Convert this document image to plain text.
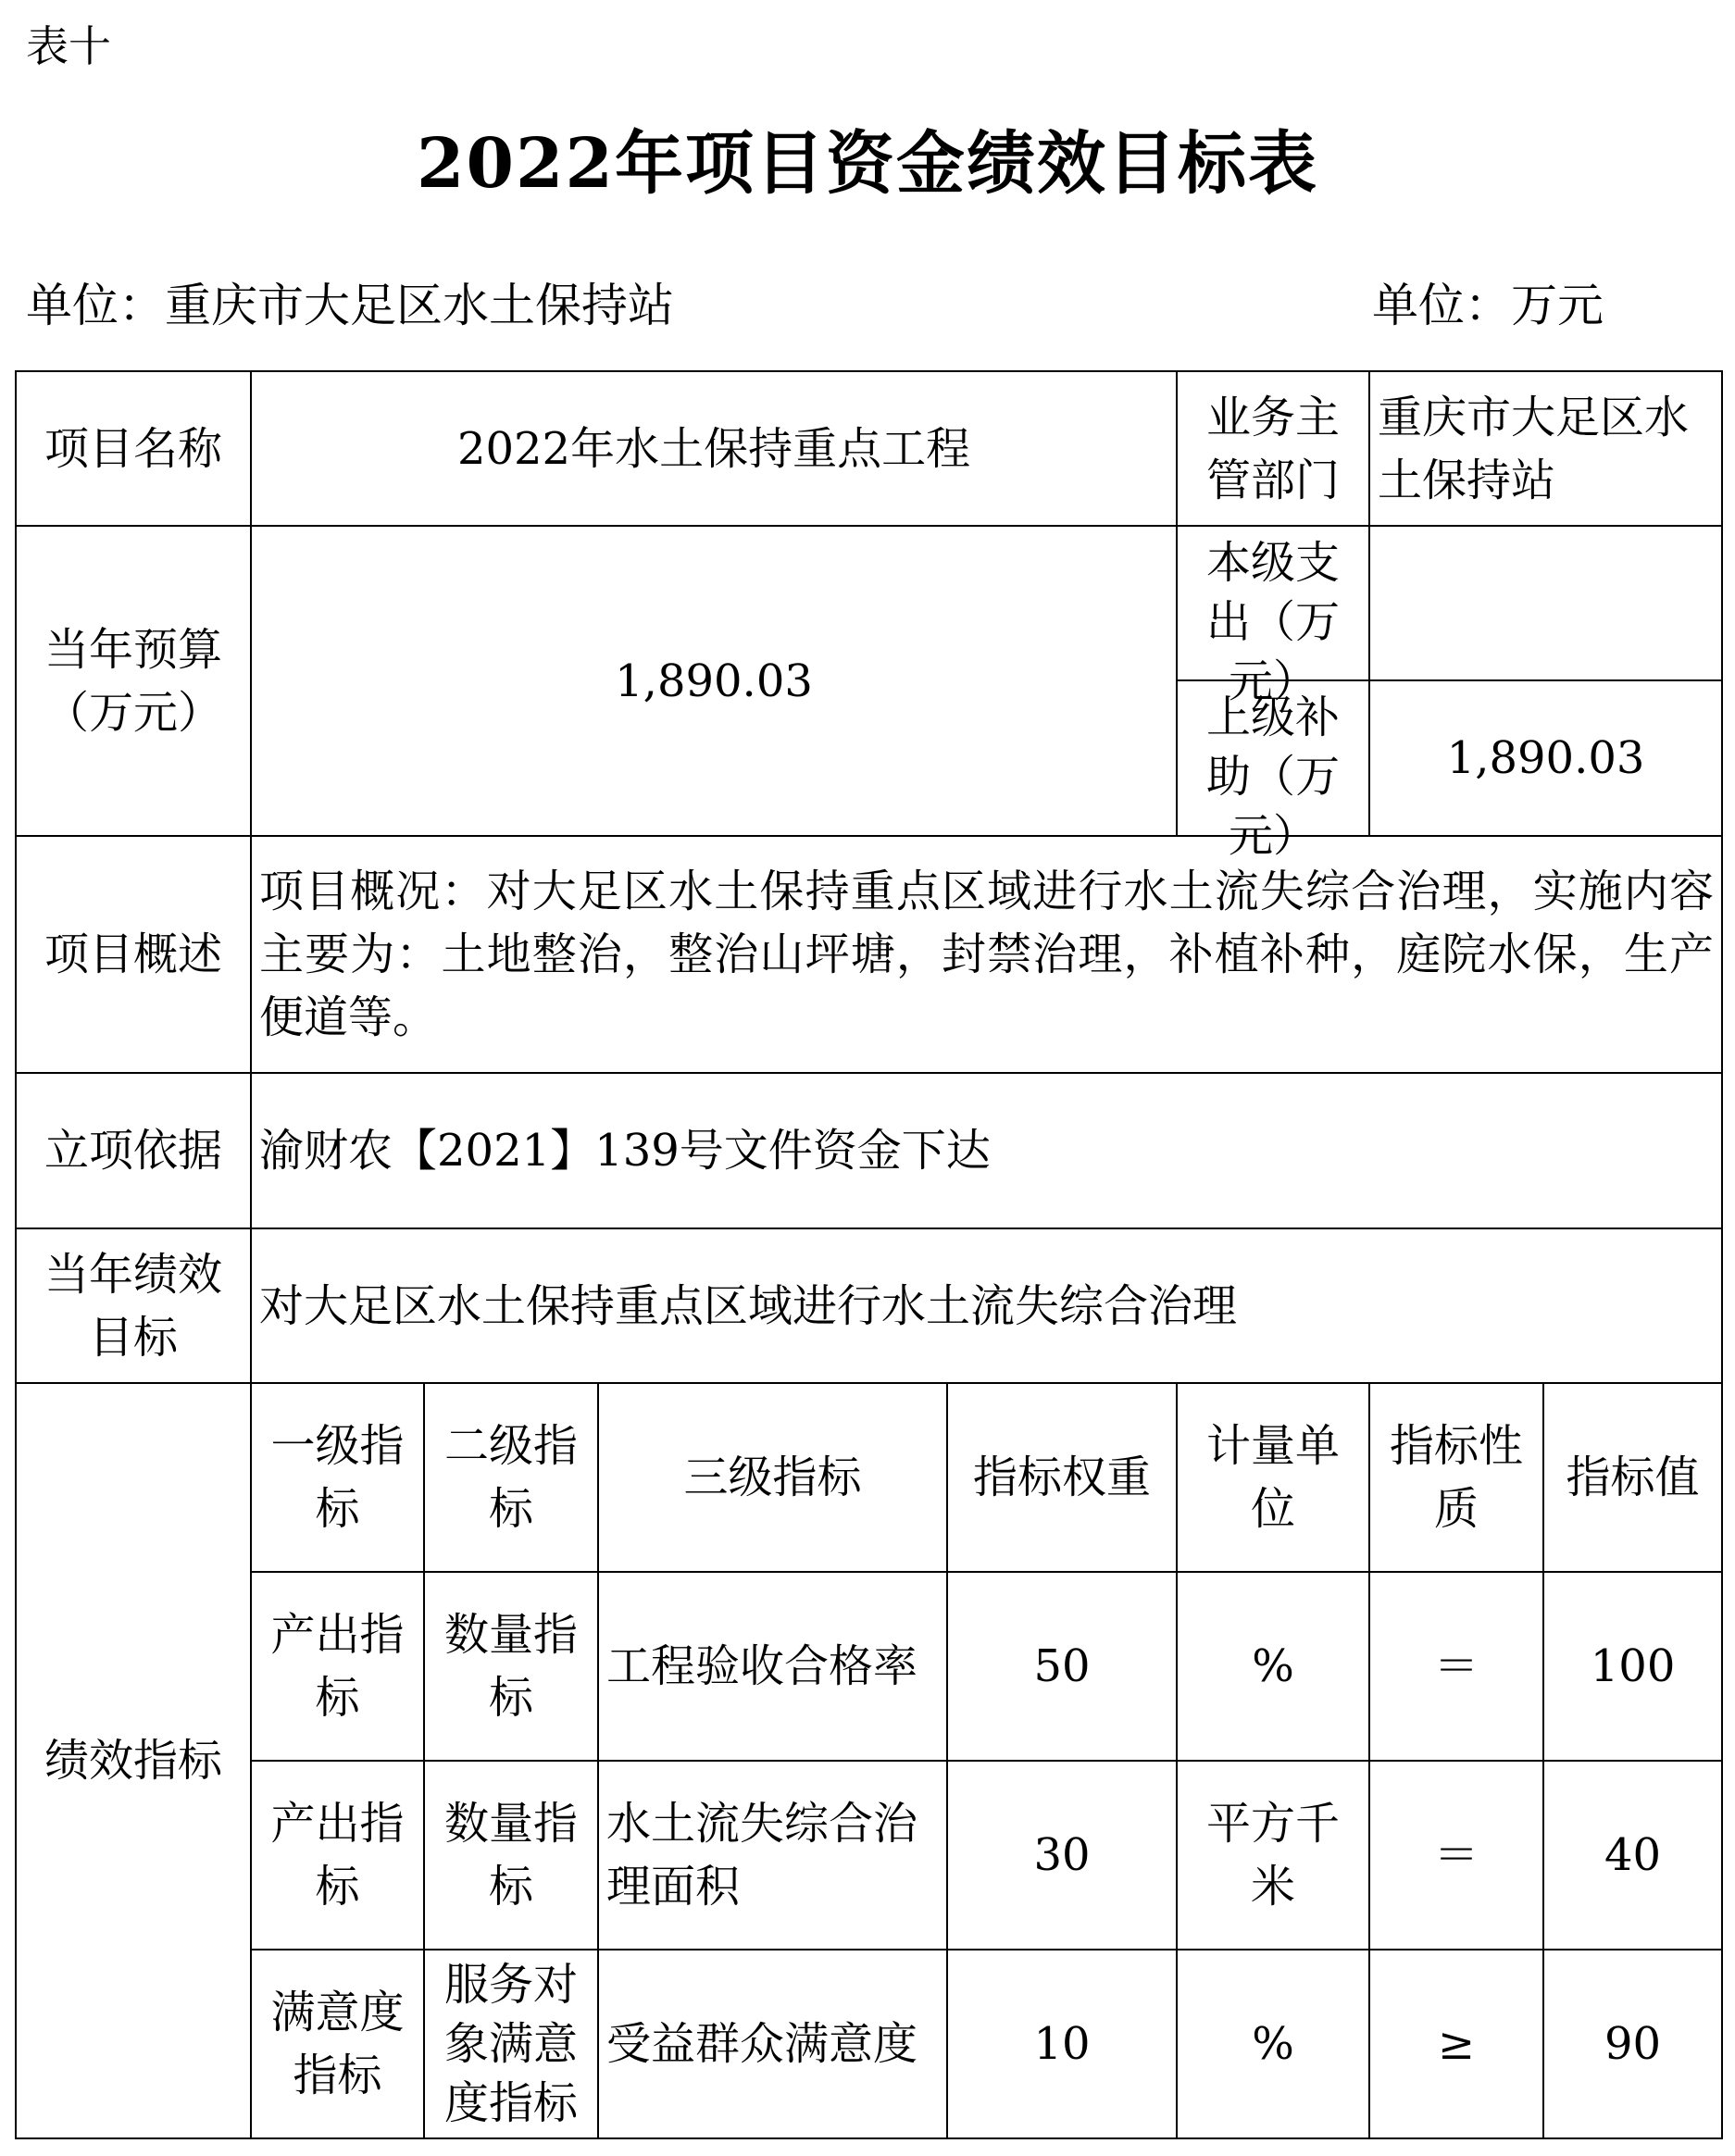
表十
2022年项目资金绩效目标表
单位：重庆市大足区水土保持站	单位：万元
项目名称	2022年水土保持重点工程				业务主管部门	重庆市大足区水土保持站	
当年预算（万元）	1,890.03				本级支出（万元）		

					上级补助（万元）	1,890.03	
项目概述	项目概况：对大足区水土保持重点区域进行水土流失综合治理，实施内容主要为：土地整治，整治山坪塘，封禁治理，补植补种，庭院水保，生产便道等。						
立项依据	渝财农【2021】139号文件资金下达						
当年绩效目标	对大足区水土保持重点区域进行水土流失综合治理						
绩效指标	一级指标	二级指标	三级指标	指标权重	计量单位	指标性质	指标值
	产出指标	数量指标	工程验收合格率	50	%	＝	100
	产出指标	数量指标	水土流失综合治理面积	30	平方千米	＝	40
	满意度指标	服务对象满意度指标	受益群众满意度	10	%	≥	90
